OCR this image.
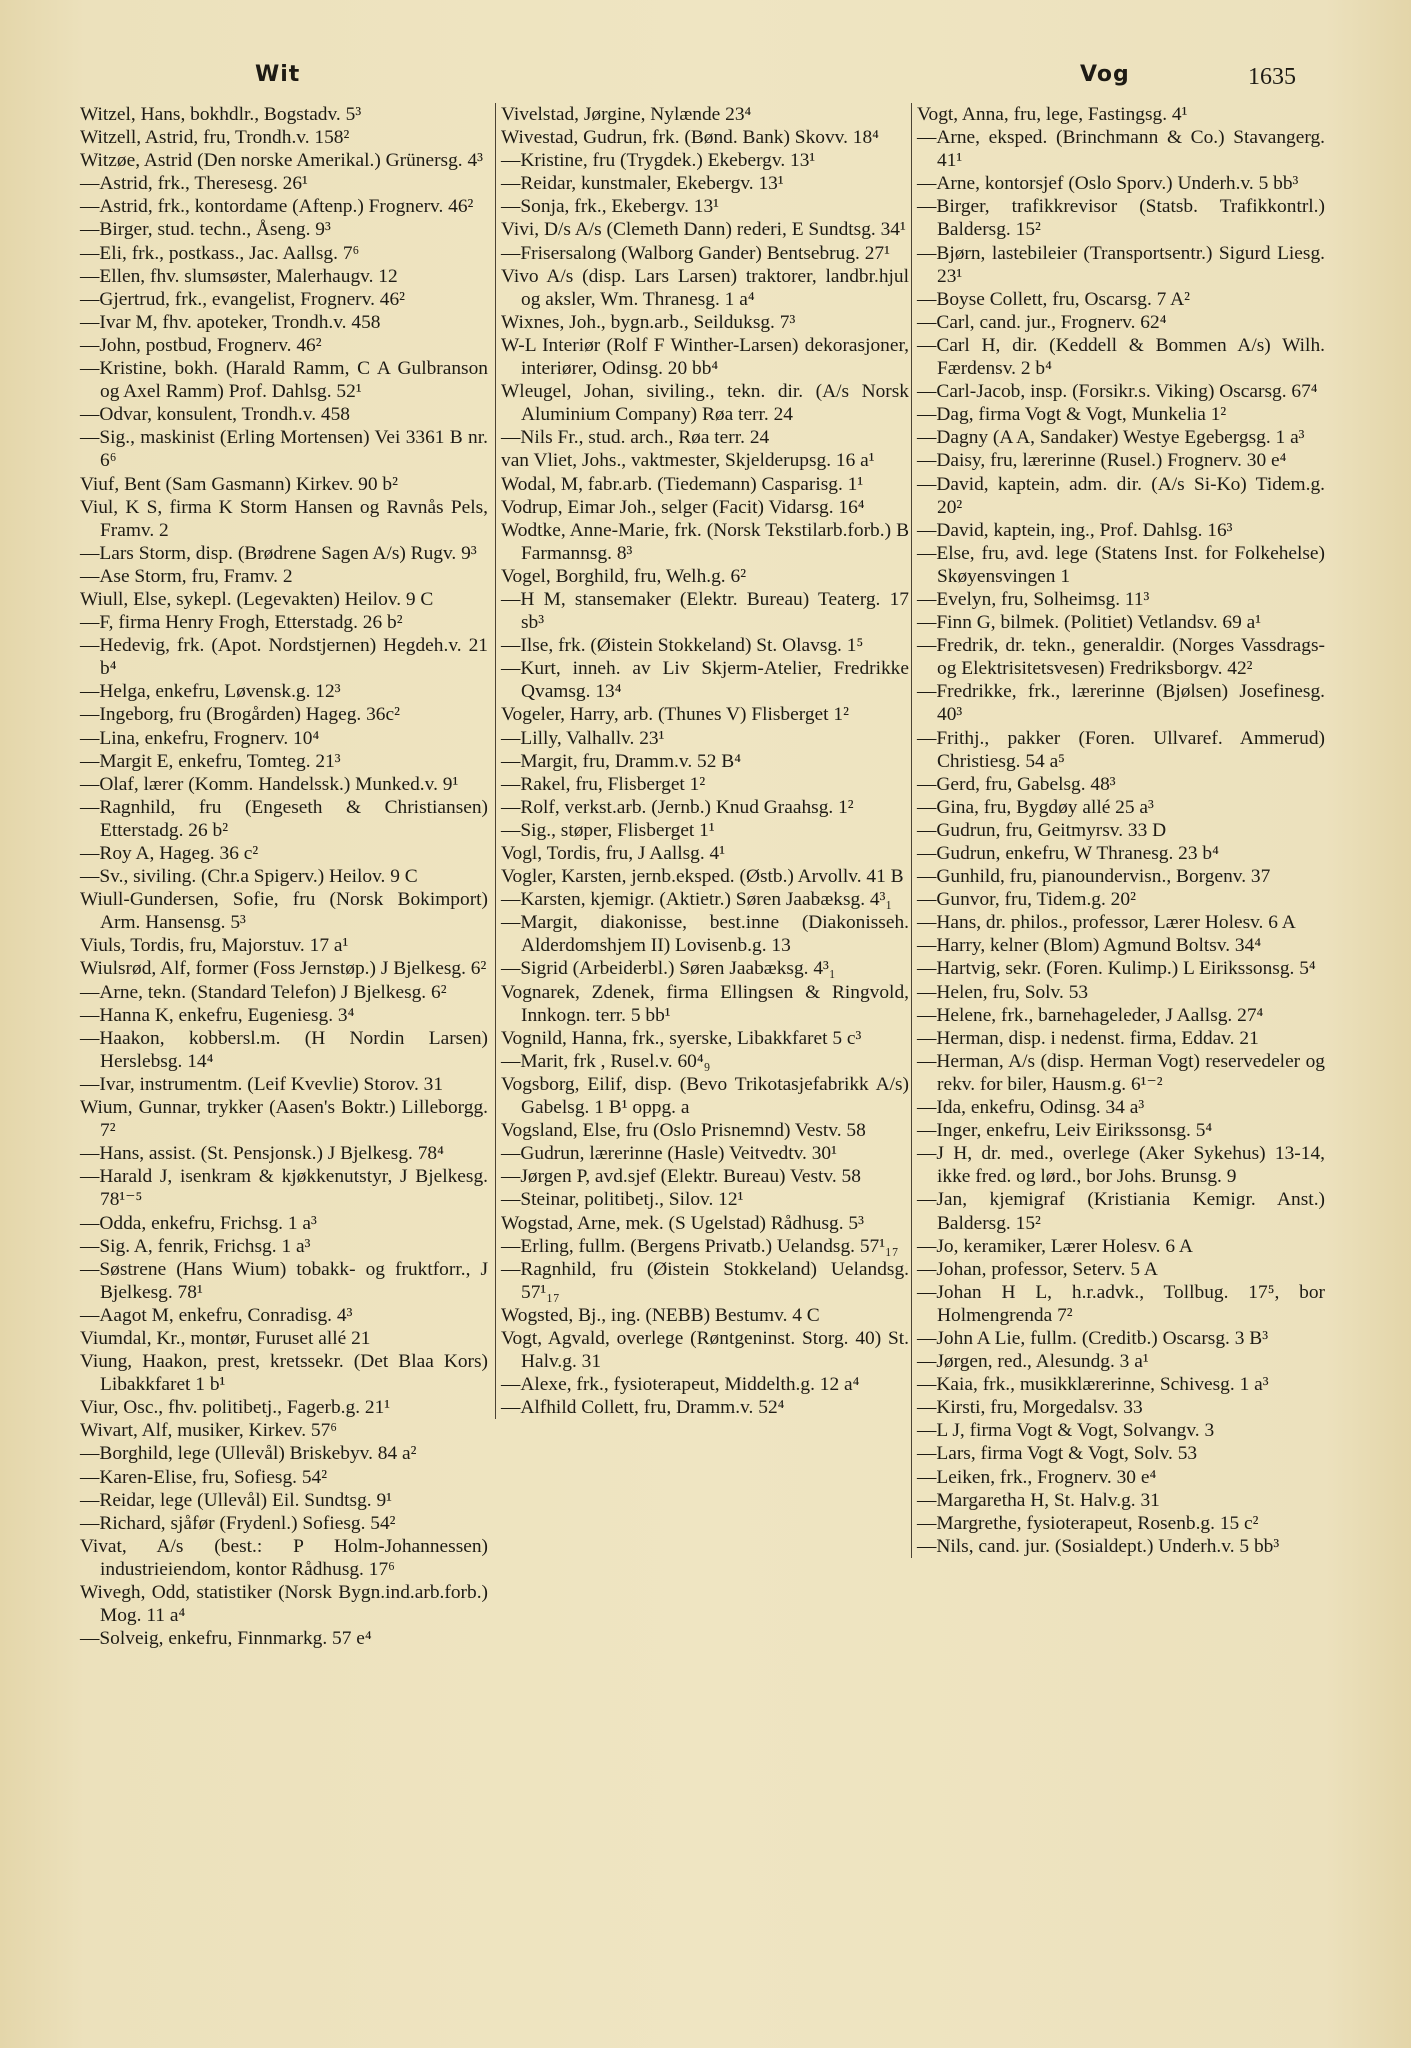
Wit	Vog	1635
Witzel, Hans, bokhdlr., Bogstadv. 5³
Witzell, Astrid, fru, Trondh.v. 158²
Witzøe, Astrid (Den norske Amerikal.) Grünersg. 4³
—Astrid, frk., Theresesg. 26¹
—Astrid, frk., kontordame (Aftenp.) Frognerv. 46²
—Birger, stud. techn., Åseng. 9³
—Eli, frk., postkass., Jac. Aallsg. 7⁶
—Ellen, fhv. slumsøster, Malerhaugv. 12
—Gjertrud, frk., evangelist, Frognerv. 46²
—Ivar M, fhv. apoteker, Trondh.v. 458
—John, postbud, Frognerv. 46²
—Kristine, bokh. (Harald Ramm, C A Gulbranson og Axel Ramm) Prof. Dahlsg. 52¹
—Odvar, konsulent, Trondh.v. 458
—Sig., maskinist (Erling Mortensen) Vei 3361 B nr. 6⁶
Viuf, Bent (Sam Gasmann) Kirkev. 90 b²
Viul, K S, firma K Storm Hansen og Ravnås Pels, Framv. 2
—Lars Storm, disp. (Brødrene Sagen A/s) Rugv. 9³
—Ase Storm, fru, Framv. 2
Wiull, Else, sykepl. (Legevakten) Heilov. 9 C
—F, firma Henry Frogh, Etterstadg. 26 b²
—Hedevig, frk. (Apot. Nordstjernen) Hegdeh.v. 21 b⁴
—Helga, enkefru, Løvensk.g. 12³
—Ingeborg, fru (Brogården) Hageg. 36c²
—Lina, enkefru, Frognerv. 10⁴
—Margit E, enkefru, Tomteg. 21³
—Olaf, lærer (Komm. Handelssk.) Munked.v. 9¹
—Ragnhild, fru (Engeseth & Christiansen) Etterstadg. 26 b²
—Roy A, Hageg. 36 c²
—Sv., siviling. (Chr.a Spigerv.) Heilov. 9 C
Wiull-Gundersen, Sofie, fru (Norsk Bokimport) Arm. Hansensg. 5³
Viuls, Tordis, fru, Majorstuv. 17 a¹
Wiulsrød, Alf, former (Foss Jernstøp.) J Bjelkesg. 6²
—Arne, tekn. (Standard Telefon) J Bjelkesg. 6²
—Hanna K, enkefru, Eugeniesg. 3⁴
—Haakon, kobbersl.m. (H Nordin Larsen) Herslebsg. 14⁴
—Ivar, instrumentm. (Leif Kvevlie) Storov. 31
Wium, Gunnar, trykker (Aasen's Boktr.) Lilleborgg. 7²
—Hans, assist. (St. Pensjonsk.) J Bjelkesg. 78⁴
—Harald J, isenkram & kjøkkenutstyr, J Bjelkesg. 78¹⁻⁵
—Odda, enkefru, Frichsg. 1 a³
—Sig. A, fenrik, Frichsg. 1 a³
—Søstrene (Hans Wium) tobakk- og fruktforr., J Bjelkesg. 78¹
—Aagot M, enkefru, Conradisg. 4³
Viumdal, Kr., montør, Furuset allé 21
Viung, Haakon, prest, kretssekr. (Det Blaa Kors) Libakkfaret 1 b¹
Viur, Osc., fhv. politibetj., Fagerb.g. 21¹
Wivart, Alf, musiker, Kirkev. 57⁶
—Borghild, lege (Ullevål) Briskebyv. 84 a²
—Karen-Elise, fru, Sofiesg. 54²
—Reidar, lege (Ullevål) Eil. Sundtsg. 9¹
—Richard, sjåfør (Frydenl.) Sofiesg. 54²
Vivat, A/s (best.: P Holm-Johannessen) industrieiendom, kontor Rådhusg. 17⁶
Wivegh, Odd, statistiker (Norsk Bygn.ind.arb.forb.) Mog. 11 a⁴
—Solveig, enkefru, Finnmarkg. 57 e⁴
Vivelstad, Jørgine, Nylænde 23⁴
Wivestad, Gudrun, frk. (Bønd. Bank) Skovv. 18⁴
—Kristine, fru (Trygdek.) Ekebergv. 13¹
—Reidar, kunstmaler, Ekebergv. 13¹
—Sonja, frk., Ekebergv. 13¹
Vivi, D/s A/s (Clemeth Dann) rederi, E Sundtsg. 34¹
—Frisersalong (Walborg Gander) Bentsebrug. 27¹
Vivo A/s (disp. Lars Larsen) traktorer, landbr.hjul og aksler, Wm. Thranesg. 1 a⁴
Wixnes, Joh., bygn.arb., Seilduksg. 7³
W-L Interiør (Rolf F Winther-Larsen) dekorasjoner, interiører, Odinsg. 20 bb⁴
Wleugel, Johan, siviling., tekn. dir. (A/s Norsk Aluminium Company) Røa terr. 24
—Nils Fr., stud. arch., Røa terr. 24
van Vliet, Johs., vaktmester, Skjelderupsg. 16 a¹
Wodal, M, fabr.arb. (Tiedemann) Casparisg. 1¹
Vodrup, Eimar Joh., selger (Facit) Vidarsg. 16⁴
Wodtke, Anne-Marie, frk. (Norsk Tekstilarb.forb.) B Farmannsg. 8³
Vogel, Borghild, fru, Welh.g. 6²
—H M, stansemaker (Elektr. Bureau) Teaterg. 17 sb³
—Ilse, frk. (Øistein Stokkeland) St. Olavsg. 1⁵
—Kurt, inneh. av Liv Skjerm-Atelier, Fredrikke Qvamsg. 13⁴
Vogeler, Harry, arb. (Thunes V) Flisberget 1²
—Lilly, Valhallv. 23¹
—Margit, fru, Dramm.v. 52 B⁴
—Rakel, fru, Flisberget 1²
—Rolf, verkst.arb. (Jernb.) Knud Graahsg. 1²
—Sig., støper, Flisberget 1¹
Vogl, Tordis, fru, J Aallsg. 4¹
Vogler, Karsten, jernb.eksped. (Østb.) Arvollv. 41 B
—Karsten, kjemigr. (Aktietr.) Søren Jaabæksg. 4³₁
—Margit, diakonisse, best.inne (Diakonisseh. Alderdomshjem II) Lovisenb.g. 13
—Sigrid (Arbeiderbl.) Søren Jaabæksg. 4³₁
Vognarek, Zdenek, firma Ellingsen & Ringvold, Innkogn. terr. 5 bb¹
Vognild, Hanna, frk., syerske, Libakkfaret 5 c³
—Marit, frk , Rusel.v. 60⁴₉
Vogsborg, Eilif, disp. (Bevo Trikotasjefabrikk A/s) Gabelsg. 1 B¹ oppg. a
Vogsland, Else, fru (Oslo Prisnemnd) Vestv. 58
—Gudrun, lærerinne (Hasle) Veitvedtv. 30¹
—Jørgen P, avd.sjef (Elektr. Bureau) Vestv. 58
—Steinar, politibetj., Silov. 12¹
Wogstad, Arne, mek. (S Ugelstad) Rådhusg. 5³
—Erling, fullm. (Bergens Privatb.) Uelandsg. 57¹₁₇
—Ragnhild, fru (Øistein Stokkeland) Uelandsg. 57¹₁₇
Wogsted, Bj., ing. (NEBB) Bestumv. 4 C
Vogt, Agvald, overlege (Røntgeninst. Storg. 40) St. Halv.g. 31
—Alexe, frk., fysioterapeut, Middelth.g. 12 a⁴
—Alfhild Collett, fru, Dramm.v. 52⁴
Vogt, Anna, fru, lege, Fastingsg. 4¹
—Arne, eksped. (Brinchmann & Co.) Stavangerg. 41¹
—Arne, kontorsjef (Oslo Sporv.) Underh.v. 5 bb³
—Birger, trafikkrevisor (Statsb. Trafikkontrl.) Baldersg. 15²
—Bjørn, lastebileier (Transportsentr.) Sigurd Liesg. 23¹
—Boyse Collett, fru, Oscarsg. 7 A²
—Carl, cand. jur., Frognerv. 62⁴
—Carl H, dir. (Keddell & Bommen A/s) Wilh. Færdensv. 2 b⁴
—Carl-Jacob, insp. (Forsikr.s. Viking) Oscarsg. 67⁴
—Dag, firma Vogt & Vogt, Munkelia 1²
—Dagny (A A, Sandaker) Westye Egebergsg. 1 a³
—Daisy, fru, lærerinne (Rusel.) Frognerv. 30 e⁴
—David, kaptein, adm. dir. (A/s Si-Ko) Tidem.g. 20²
—David, kaptein, ing., Prof. Dahlsg. 16³
—Else, fru, avd. lege (Statens Inst. for Folkehelse) Skøyensvingen 1
—Evelyn, fru, Solheimsg. 11³
—Finn G, bilmek. (Politiet) Vetlandsv. 69 a¹
—Fredrik, dr. tekn., generaldir. (Norges Vassdrags- og Elektrisitetsvesen) Fredriksborgv. 42²
—Fredrikke, frk., lærerinne (Bjølsen) Josefinesg. 40³
—Frithj., pakker (Foren. Ullvaref. Ammerud) Christiesg. 54 a⁵
—Gerd, fru, Gabelsg. 48³
—Gina, fru, Bygdøy allé 25 a³
—Gudrun, fru, Geitmyrsv. 33 D
—Gudrun, enkefru, W Thranesg. 23 b⁴
—Gunhild, fru, pianoundervisn., Borgenv. 37
—Gunvor, fru, Tidem.g. 20²
—Hans, dr. philos., professor, Lærer Holesv. 6 A
—Harry, kelner (Blom) Agmund Boltsv. 34⁴
—Hartvig, sekr. (Foren. Kulimp.) L Eirikssonsg. 5⁴
—Helen, fru, Solv. 53
—Helene, frk., barnehageleder, J Aallsg. 27⁴
—Herman, disp. i nedenst. firma, Eddav. 21
—Herman, A/s (disp. Herman Vogt) reservedeler og rekv. for biler, Hausm.g. 6¹⁻²
—Ida, enkefru, Odinsg. 34 a³
—Inger, enkefru, Leiv Eirikssonsg. 5⁴
—J H, dr. med., overlege (Aker Sykehus) 13-14, ikke fred. og lørd., bor Johs. Brunsg. 9
—Jan, kjemigraf (Kristiania Kemigr. Anst.) Baldersg. 15²
—Jo, keramiker, Lærer Holesv. 6 A
—Johan, professor, Seterv. 5 A
—Johan H L, h.r.advk., Tollbug. 17⁵, bor Holmengrenda 7²
—John A Lie, fullm. (Creditb.) Oscarsg. 3 B³
—Jørgen, red., Alesundg. 3 a¹
—Kaia, frk., musikklærerinne, Schivesg. 1 a³
—Kirsti, fru, Morgedalsv. 33
—L J, firma Vogt & Vogt, Solvangv. 3
—Lars, firma Vogt & Vogt, Solv. 53
—Leiken, frk., Frognerv. 30 e⁴
—Margaretha H, St. Halv.g. 31
—Margrethe, fysioterapeut, Rosenb.g. 15 c²
—Nils, cand. jur. (Sosialdept.) Underh.v. 5 bb³
